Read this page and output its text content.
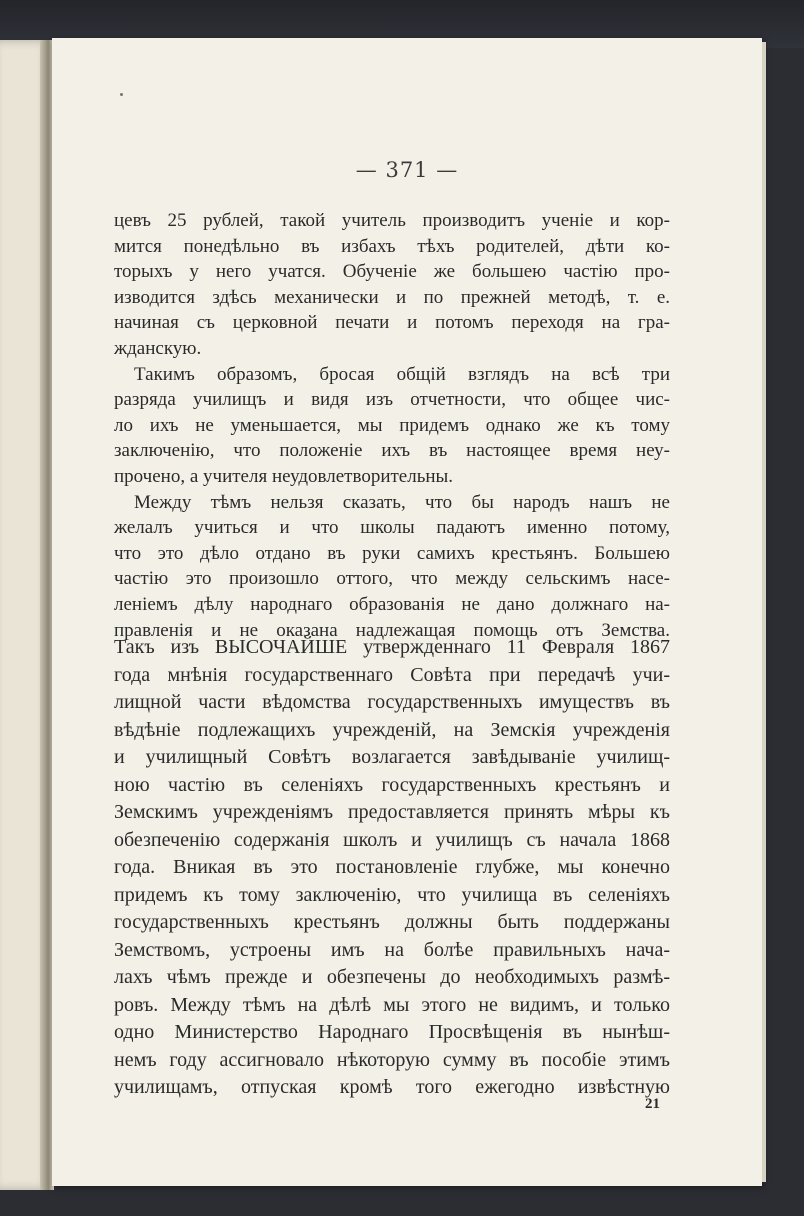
— 371 —
цевъ 25 рублей, такой учитель производитъ ученіе и кор-
мится понедѣльно въ избахъ тѣхъ родителей, дѣти ко-
торыхъ у него учатся. Обученіе же большею частію про-
изводится здѣсь механически и по прежней методѣ, т. е.
начиная съ церковной печати и потомъ переходя на гра-
жданскую.
Такимъ образомъ, бросая общій взглядъ на всѣ три
разряда училищъ и видя изъ отчетности, что общее чис-
ло ихъ не уменьшается, мы придемъ однако же къ тому
заключенію, что положеніе ихъ въ настоящее время неу-
прочено, а учителя неудовлетворительны.
Между тѣмъ нельзя сказать, что бы народъ нашъ не
желалъ учиться и что школы падаютъ именно потому,
что это дѣло отдано въ руки самихъ крестьянъ. Большею
частію это произошло оттого, что между сельскимъ насе-
леніемъ дѣлу народнаго образованія не дано должнаго на-
правленія и не оказана надлежащая помощь отъ Земства.
Такъ изъ ВЫСОЧАЙШЕ утвержденнаго 11 Февраля 1867
года мнѣнія государственнаго Совѣта при передачѣ учи-
лищной части вѣдомства государственныхъ имуществъ въ
вѣдѣніе подлежащихъ учрежденій, на Земскія учрежденія
и училищный Совѣтъ возлагается завѣдываніе училищ-
ною частію въ селеніяхъ государственныхъ крестьянъ и
Земскимъ учрежденіямъ предоставляется принять мѣры къ
обезпеченію содержанія школъ и училищъ съ начала 1868
года. Вникая въ это постановленіе глубже, мы конечно
придемъ къ тому заключенію, что училища въ селеніяхъ
государственныхъ крестьянъ должны быть поддержаны
Земствомъ, устроены имъ на болѣе правильныхъ нача-
лахъ чѣмъ прежде и обезпечены до необходимыхъ размѣ-
ровъ. Между тѣмъ на дѣлѣ мы этого не видимъ, и только
одно Министерство Народнаго Просвѣщенія въ нынѣш-
немъ году ассигновало нѣкоторую сумму въ пособіе этимъ
училищамъ, отпуская кромѣ того ежегодно извѣстную
21
